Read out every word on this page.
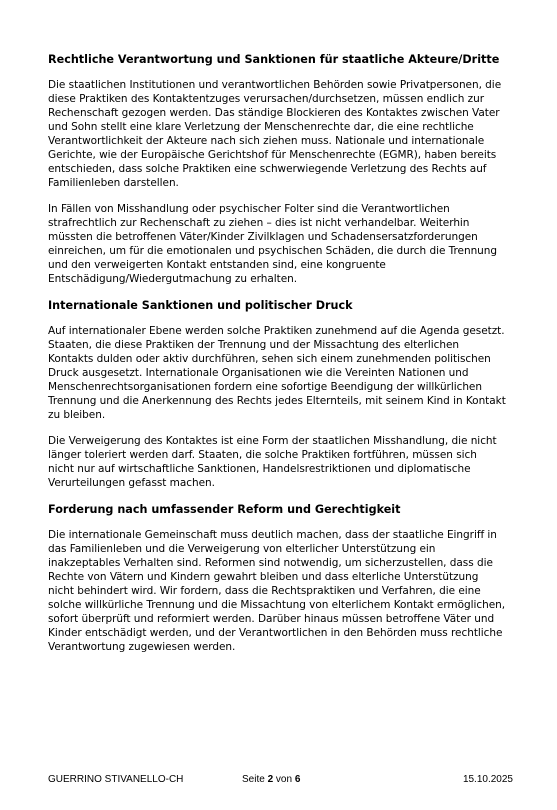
Rechtliche Verantwortung und Sanktionen für staatliche Akteure/Dritte

Die staatlichen Institutionen und verantwortlichen Behörden sowie Privatpersonen, die diese Praktiken des Kontaktentzuges verursachen/durchsetzen, müssen endlich zur Rechenschaft gezogen werden. Das ständige Blockieren des Kontaktes zwischen Vater und Sohn stellt eine klare Verletzung der Menschenrechte dar, die eine rechtliche Verantwortlichkeit der Akteure nach sich ziehen muss. Nationale und internationale Gerichte, wie der Europäische Gerichtshof für Menschenrechte (EGMR), haben bereits entschieden, dass solche Praktiken eine schwerwiegende Verletzung des Rechts auf Familienleben darstellen.

In Fällen von Misshandlung oder psychischer Folter sind die Verantwortlichen strafrechtlich zur Rechenschaft zu ziehen – dies ist nicht verhandelbar. Weiterhin müssten die betroffenen Väter/Kinder Zivilklagen und Schadensersatzforderungen einreichen, um für die emotionalen und psychischen Schäden, die durch die Trennung und den verweigerten Kontakt entstanden sind, eine kongruente Entschädigung/Wiedergutmachung zu erhalten.

Internationale Sanktionen und politischer Druck

Auf internationaler Ebene werden solche Praktiken zunehmend auf die Agenda gesetzt. Staaten, die diese Praktiken der Trennung und der Missachtung des elterlichen Kontakts dulden oder aktiv durchführen, sehen sich einem zunehmenden politischen Druck ausgesetzt. Internationale Organisationen wie die Vereinten Nationen und Menschenrechtsorganisationen fordern eine sofortige Beendigung der willkürlichen Trennung und die Anerkennung des Rechts jedes Elternteils, mit seinem Kind in Kontakt zu bleiben.

Die Verweigerung des Kontaktes ist eine Form der staatlichen Misshandlung, die nicht länger toleriert werden darf. Staaten, die solche Praktiken fortführen, müssen sich nicht nur auf wirtschaftliche Sanktionen, Handelsrestriktionen und diplomatische Verurteilungen gefasst machen.

Forderung nach umfassender Reform und Gerechtigkeit

Die internationale Gemeinschaft muss deutlich machen, dass der staatliche Eingriff in das Familienleben und die Verweigerung von elterlicher Unterstützung ein inakzeptables Verhalten sind. Reformen sind notwendig, um sicherzustellen, dass die Rechte von Vätern und Kindern gewahrt bleiben und dass elterliche Unterstützung nicht behindert wird. Wir fordern, dass die Rechtspraktiken und Verfahren, die eine solche willkürliche Trennung und die Missachtung von elterlichem Kontakt ermöglichen, sofort überprüft und reformiert werden. Darüber hinaus müssen betroffene Väter und Kinder entschädigt werden, und der Verantwortlichen in den Behörden muss rechtliche Verantwortung zugewiesen werden.

GUERRINO STIVANELLO-CH	Seite 2 von 6	15.10.2025
